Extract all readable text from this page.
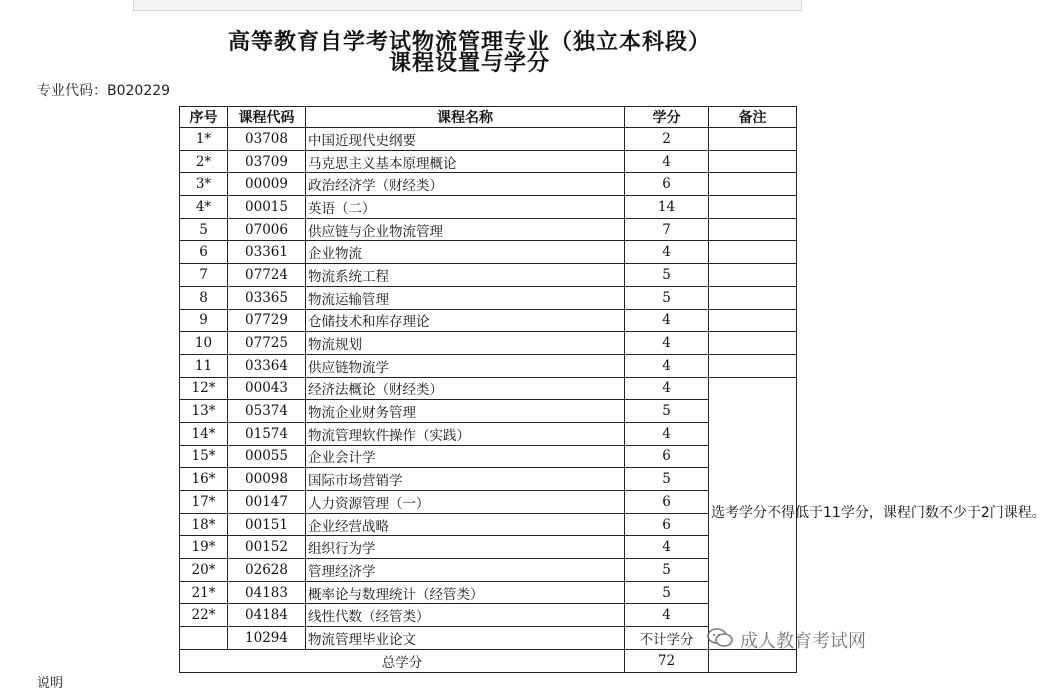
高等教育自学考试物流管理专业（独立本科段）
课程设置与学分
专业代码：B020229
序号	课程代码	课程名称	学分	备注
1*	03708	中国近现代史纲要	2	
2*	03709	马克思主义基本原理概论	4	
3*	00009	政治经济学（财经类）	6	
4*	00015	英语（二）	14	
5	07006	供应链与企业物流管理	7	
6	03361	企业物流	4	
7	07724	物流系统工程	5	
8	03365	物流运输管理	5	
9	07729	仓储技术和库存理论	4	
10	07725	物流规划	4	
11	03364	供应链物流学	4	
12*	00043	经济法概论（财经类）	4	选考学分不得低于11学分，课程门数不少于2门课程。
13*	05374	物流企业财务管理	5	
14*	01574	物流管理软件操作（实践）	4	
15*	00055	企业会计学	6	
16*	00098	国际市场营销学	5	
17*	00147	人力资源管理（一）	6	
18*	00151	企业经营战略	6	
19*	00152	组织行为学	4	
20*	02628	管理经济学	5	
21*	04183	概率论与数理统计（经管类）	5	
22*	04184	线性代数（经管类）	4	
	10294	物流管理毕业论文	不计学分	
总学分			72	
成人教育考试网
说明
